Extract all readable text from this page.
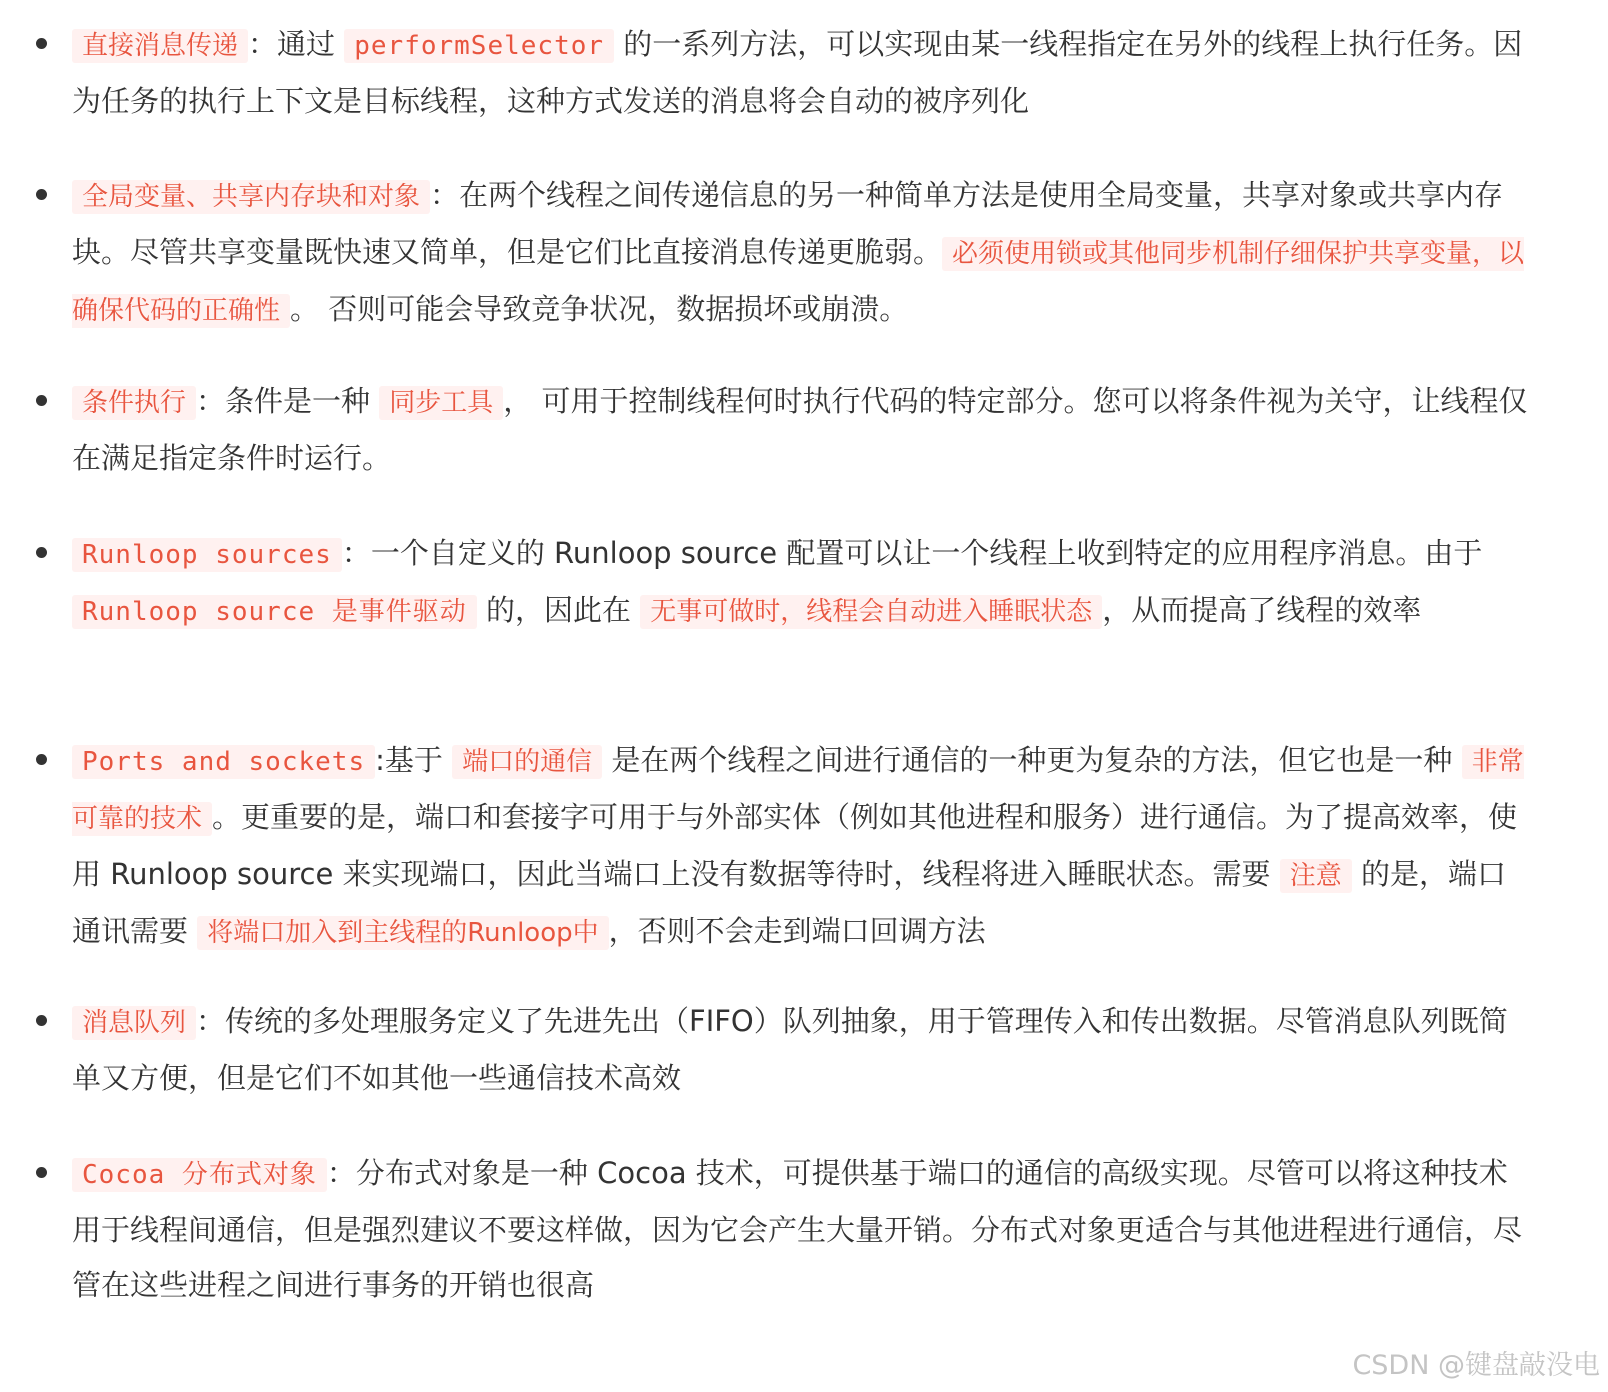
直接消息传递 ：通过 performSelector 的一系列方法，可以实现由某一线程指定在另外的线程上执行任务。因为任务的执行上下文是目标线程，这种方式发送的消息将会自动的被序列化
全局变量、共享内存块和对象 ：在两个线程之间传递信息的另一种简单方法是使用全局变量，共享对象或共享内存块。尽管共享变量既快速又简单，但是它们比直接消息传递更脆弱。 必须使用锁或其他同步机制仔细保护共享变量，以确保代码的正确性 。 否则可能会导致竞争状况，数据损坏或崩溃。
条件执行 ：条件是一种 同步工具 ， 可用于控制线程何时执行代码的特定部分。您可以将条件视为关守，让线程仅在满足指定条件时运行。
Runloop sources ：一个自定义的 Runloop source 配置可以让一个线程上收到特定的应用程序消息。由于 Runloop source 是事件驱动 的，因此在 无事可做时，线程会自动进入睡眠状态 ，从而提高了线程的效率
Ports and sockets :基于 端口的通信 是在两个线程之间进行通信的一种更为复杂的方法，但它也是一种 非常可靠的技术 。更重要的是，端口和套接字可用于与外部实体（例如其他进程和服务）进行通信。为了提高效率，使用 Runloop source 来实现端口，因此当端口上没有数据等待时，线程将进入睡眠状态。需要 注意 的是，端口通讯需要 将端口加入到主线程的Runloop中 ，否则不会走到端口回调方法
消息队列 ：传统的多处理服务定义了先进先出（FIFO）队列抽象，用于管理传入和传出数据。尽管消息队列既简单又方便，但是它们不如其他一些通信技术高效
Cocoa 分布式对象 ：分布式对象是一种 Cocoa 技术，可提供基于端口的通信的高级实现。尽管可以将这种技术用于线程间通信，但是强烈建议不要这样做，因为它会产生大量开销。分布式对象更适合与其他进程进行通信，尽管在这些进程之间进行事务的开销也很高
CSDN @键盘敲没电
